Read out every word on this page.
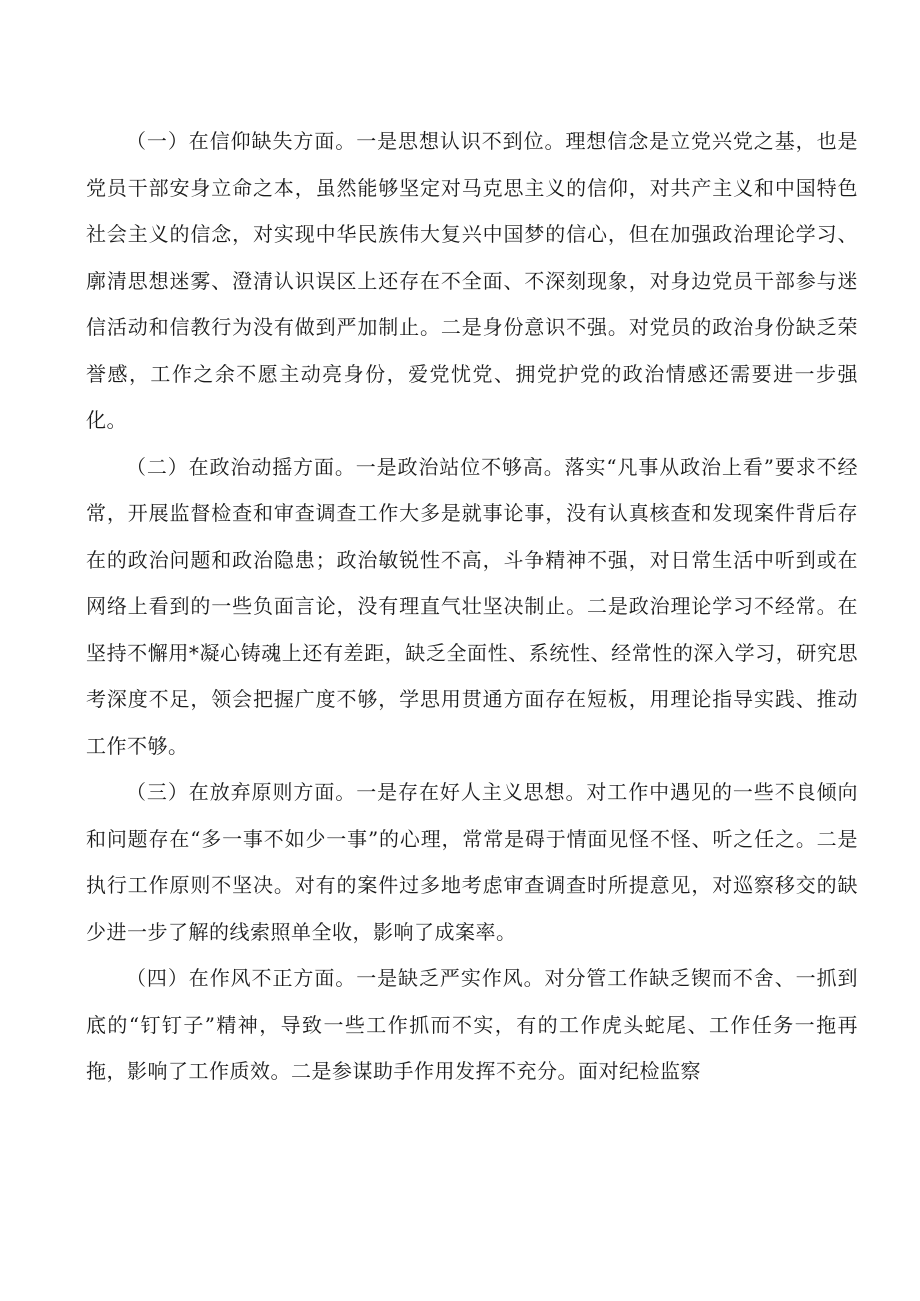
（一）在信仰缺失方面。一是思想认识不到位。理想信念是立党兴党之基，也是党员干部安身立命之本，虽然能够坚定对马克思主义的信仰，对共产主义和中国特色社会主义的信念，对实现中华民族伟大复兴中国梦的信心，但在加强政治理论学习、廓清思想迷雾、澄清认识误区上还存在不全面、不深刻现象，对身边党员干部参与迷信活动和信教行为没有做到严加制止。二是身份意识不强。对党员的政治身份缺乏荣誉感，工作之余不愿主动亮身份，爱党忧党、拥党护党的政治情感还需要进一步强化。

（二）在政治动摇方面。一是政治站位不够高。落实“凡事从政治上看”要求不经常，开展监督检查和审查调查工作大多是就事论事，没有认真核查和发现案件背后存在的政治问题和政治隐患；政治敏锐性不高，斗争精神不强，对日常生活中听到或在网络上看到的一些负面言论，没有理直气壮坚决制止。二是政治理论学习不经常。在坚持不懈用*凝心铸魂上还有差距，缺乏全面性、系统性、经常性的深入学习，研究思考深度不足，领会把握广度不够，学思用贯通方面存在短板，用理论指导实践、推动工作不够。

（三）在放弃原则方面。一是存在好人主义思想。对工作中遇见的一些不良倾向和问题存在“多一事不如少一事”的心理，常常是碍于情面见怪不怪、听之任之。二是执行工作原则不坚决。对有的案件过多地考虑审查调查时所提意见，对巡察移交的缺少进一步了解的线索照单全收，影响了成案率。

（四）在作风不正方面。一是缺乏严实作风。对分管工作缺乏锲而不舍、一抓到底的“钉钉子”精神，导致一些工作抓而不实，有的工作虎头蛇尾、工作任务一拖再拖，影响了工作质效。二是参谋助手作用发挥不充分。面对纪检监察
